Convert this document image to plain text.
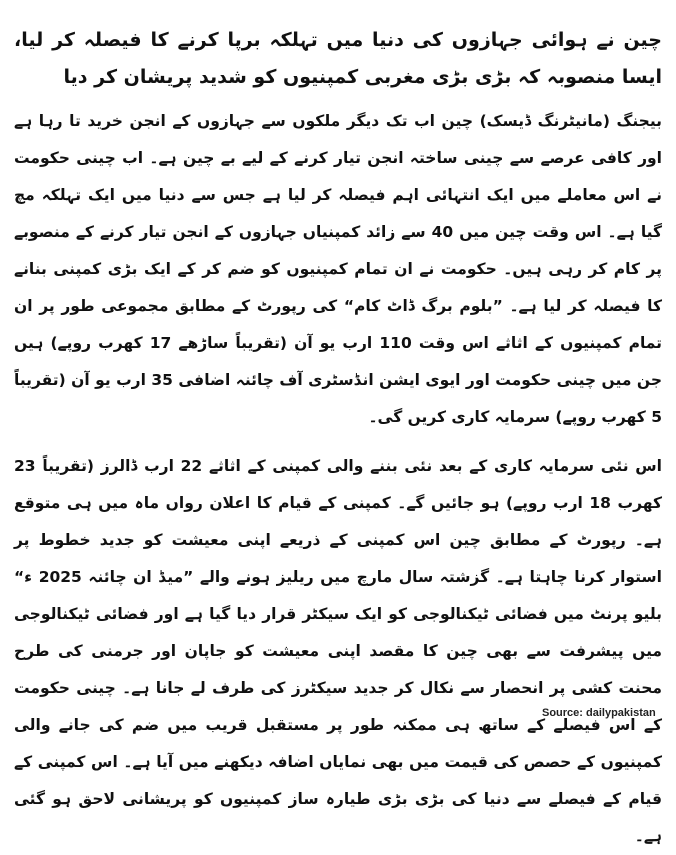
چین نے ہوائی جہازوں کی دنیا میں تہلکہ برپا کرنے کا فیصلہ کر لیا، ایسا منصوبہ کہ بڑی بڑی مغربی کمپنیوں کو شدید پریشان کر دیا

بیجنگ (مانیٹرنگ ڈیسک) چین اب تک دیگر ملکوں سے جہازوں کے انجن خرید تا رہا ہے اور کافی عرصے سے چینی ساختہ انجن تیار کرنے کے لیے بے چین ہے۔ اب چینی حکومت نے اس معاملے میں ایک انتہائی اہم فیصلہ کر لیا ہے جس سے دنیا میں ایک تہلکہ مچ گیا ہے۔ اس وقت چین میں 40 سے زائد کمپنیاں جہازوں کے انجن تیار کرنے کے منصوبے پر کام کر رہی ہیں۔ حکومت نے ان تمام کمپنیوں کو ضم کر کے ایک بڑی کمپنی بنانے کا فیصلہ کر لیا ہے۔ ”بلوم برگ ڈاٹ کام“ کی رپورٹ کے مطابق مجموعی طور پر ان تمام کمپنیوں کے اثاثے اس وقت 110 ارب یو آن (تقریباً ساڑھے 17 کھرب روپے) ہیں جن میں چینی حکومت اور ایوی ایشن انڈسٹری آف چائنہ اضافی 35 ارب یو آن (تقریباً 5 کھرب روپے) سرمایہ کاری کریں گی۔

اس نئی سرمایہ کاری کے بعد نئی بننے والی کمپنی کے اثاثے 22 ارب ڈالرز (تقریباً 23 کھرب 18 ارب روپے) ہو جائیں گے۔ کمپنی کے قیام کا اعلان رواں ماہ میں ہی متوقع ہے۔ رپورٹ کے مطابق چین اس کمپنی کے ذریعے اپنی معیشت کو جدید خطوط پر استوار کرنا چاہتا ہے۔ گزشتہ سال مارچ میں ریلیز ہونے والے ”میڈ ان چائنہ 2025 ء“ بلیو پرنٹ میں فضائی ٹیکنالوجی کو ایک سیکٹر قرار دیا گیا ہے اور فضائی ٹیکنالوجی میں پیشرفت سے بھی چین کا مقصد اپنی معیشت کو جاپان اور جرمنی کی طرح محنت کشی پر انحصار سے نکال کر جدید سیکٹرز کی طرف لے جانا ہے۔ چینی حکومت کے اس فیصلے کے ساتھ ہی ممکنہ طور پر مستقبل قریب میں ضم کی جانے والی کمپنیوں کے حصص کی قیمت میں بھی نمایاں اضافہ دیکھنے میں آیا ہے۔ اس کمپنی کے قیام کے فیصلے سے دنیا کی بڑی بڑی طیارہ ساز کمپنیوں کو پریشانی لاحق ہو گئی ہے۔

Source: dailypakistan
